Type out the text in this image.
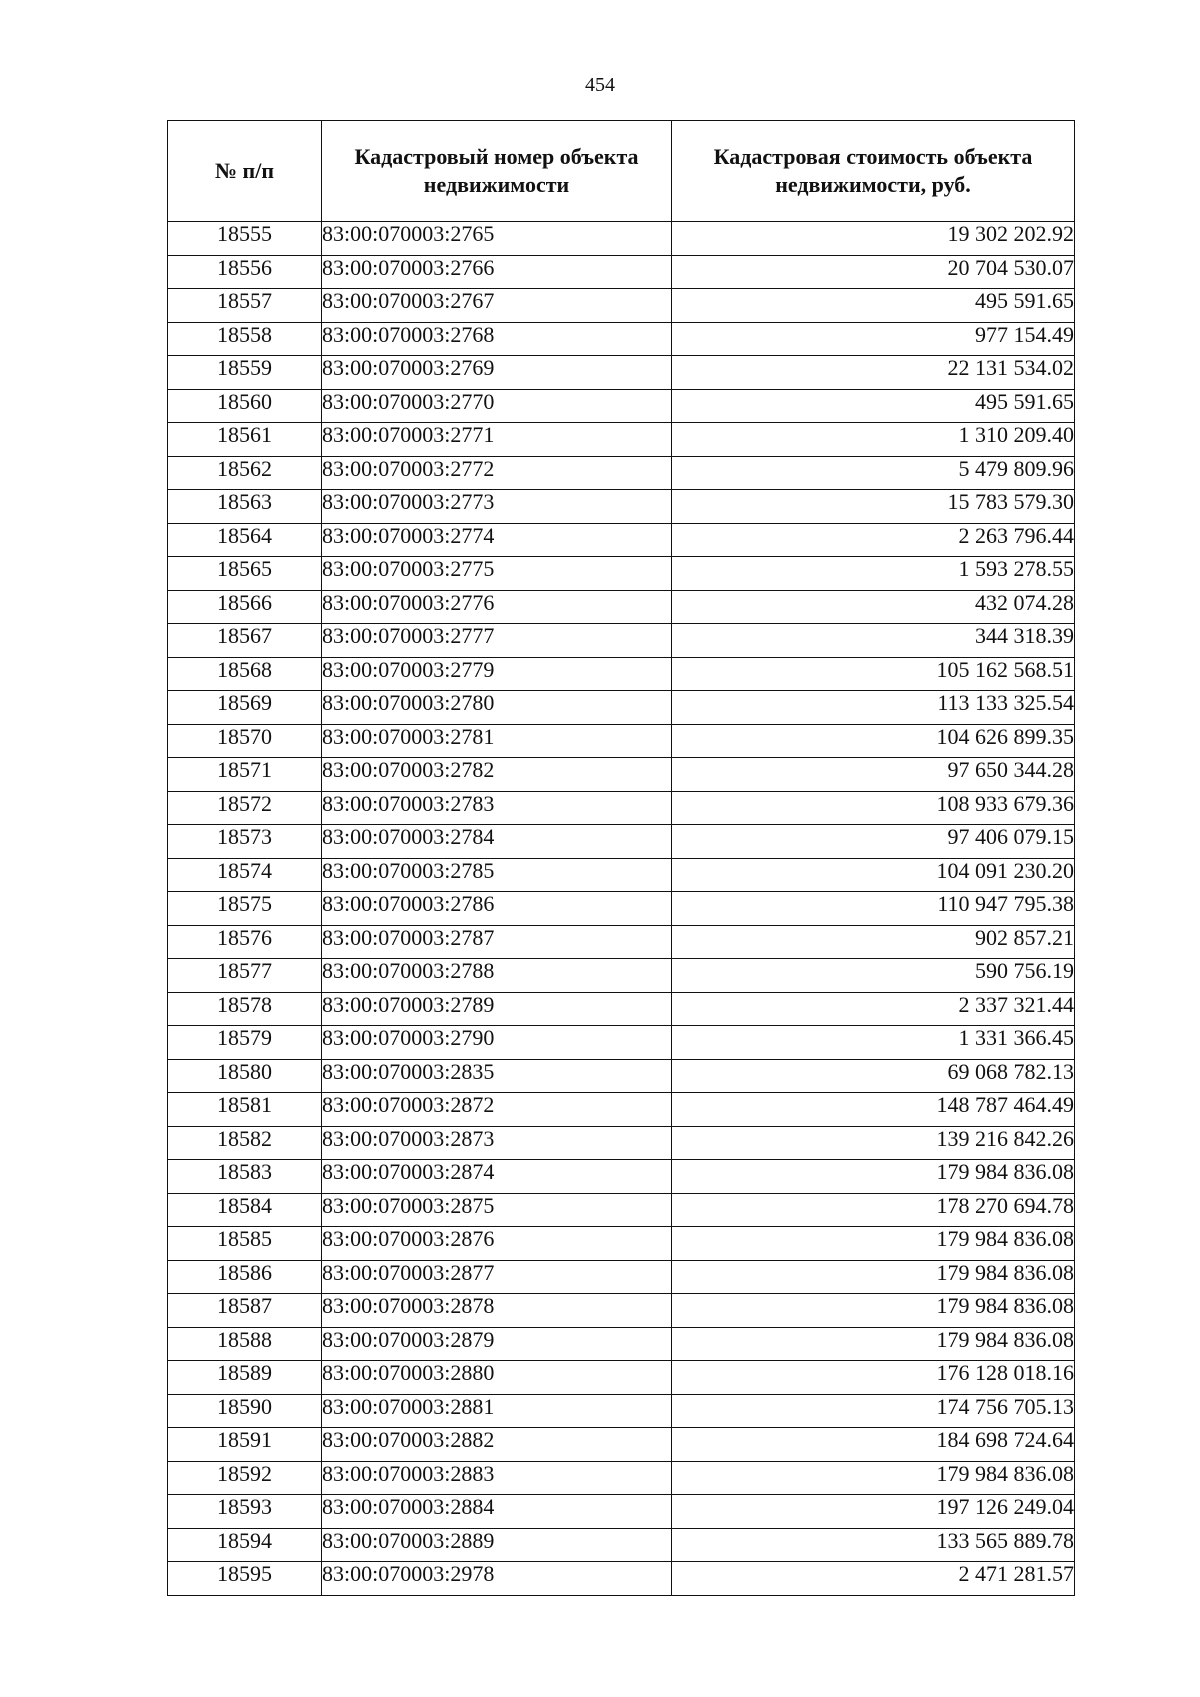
454
№ п/п	Кадастровый номер объекта недвижимости	Кадастровая стоимость объекта недвижимости, руб.
18555	83:00:070003:2765	19 302 202.92
18556	83:00:070003:2766	20 704 530.07
18557	83:00:070003:2767	495 591.65
18558	83:00:070003:2768	977 154.49
18559	83:00:070003:2769	22 131 534.02
18560	83:00:070003:2770	495 591.65
18561	83:00:070003:2771	1 310 209.40
18562	83:00:070003:2772	5 479 809.96
18563	83:00:070003:2773	15 783 579.30
18564	83:00:070003:2774	2 263 796.44
18565	83:00:070003:2775	1 593 278.55
18566	83:00:070003:2776	432 074.28
18567	83:00:070003:2777	344 318.39
18568	83:00:070003:2779	105 162 568.51
18569	83:00:070003:2780	113 133 325.54
18570	83:00:070003:2781	104 626 899.35
18571	83:00:070003:2782	97 650 344.28
18572	83:00:070003:2783	108 933 679.36
18573	83:00:070003:2784	97 406 079.15
18574	83:00:070003:2785	104 091 230.20
18575	83:00:070003:2786	110 947 795.38
18576	83:00:070003:2787	902 857.21
18577	83:00:070003:2788	590 756.19
18578	83:00:070003:2789	2 337 321.44
18579	83:00:070003:2790	1 331 366.45
18580	83:00:070003:2835	69 068 782.13
18581	83:00:070003:2872	148 787 464.49
18582	83:00:070003:2873	139 216 842.26
18583	83:00:070003:2874	179 984 836.08
18584	83:00:070003:2875	178 270 694.78
18585	83:00:070003:2876	179 984 836.08
18586	83:00:070003:2877	179 984 836.08
18587	83:00:070003:2878	179 984 836.08
18588	83:00:070003:2879	179 984 836.08
18589	83:00:070003:2880	176 128 018.16
18590	83:00:070003:2881	174 756 705.13
18591	83:00:070003:2882	184 698 724.64
18592	83:00:070003:2883	179 984 836.08
18593	83:00:070003:2884	197 126 249.04
18594	83:00:070003:2889	133 565 889.78
18595	83:00:070003:2978	2 471 281.57
